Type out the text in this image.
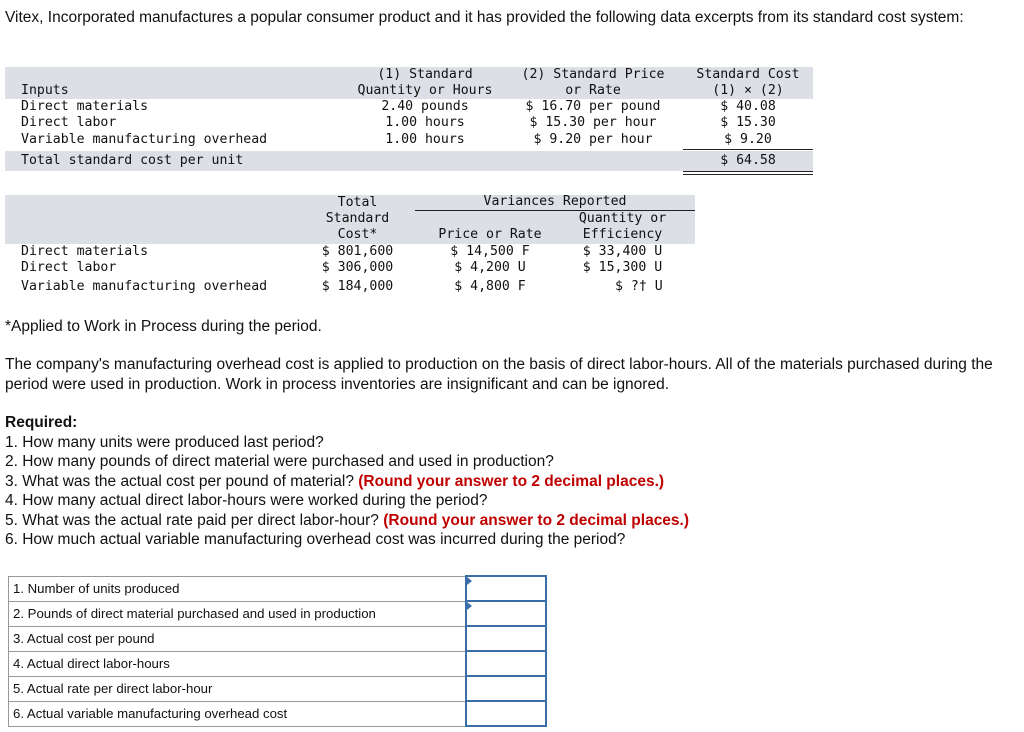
Vitex, Incorporated manufactures a popular consumer product and it has provided the following data excerpts from its standard cost system:
(1) Standard
Quantity or Hours
(2) Standard Price
or Rate
Standard Cost
(1) × (2)
Inputs
Direct materials	2.40 pounds	$ 16.70 per pound	$ 40.08
Direct labor	1.00 hours	$ 15.30 per hour	$ 15.30
Variable manufacturing overhead	1.00 hours	$ 9.20 per hour	$ 9.20
Total standard cost per unit	$ 64.58
Total
Standard
Cost*
Variances Reported
Price or Rate
Quantity or
Efficiency
Direct materials	$ 801,600	$ 14,500 F	$ 33,400 U
Direct labor	$ 306,000	$ 4,200 U	$ 15,300 U
Variable manufacturing overhead	$ 184,000	$ 4,800 F	$ ?† U
*Applied to Work in Process during the period.
The company's manufacturing overhead cost is applied to production on the basis of direct labor-hours. All of the materials purchased during the period were used in production. Work in process inventories are insignificant and can be ignored.
Required:
1. How many units were produced last period?
2. How many pounds of direct material were purchased and used in production?
3. What was the actual cost per pound of material? (Round your answer to 2 decimal places.)
4. How many actual direct labor-hours were worked during the period?
5. What was the actual rate paid per direct labor-hour? (Round your answer to 2 decimal places.)
6. How much actual variable manufacturing overhead cost was incurred during the period?
1. Number of units produced	

2. Pounds of direct material purchased and used in production	

3. Actual cost per pound	
4. Actual direct labor-hours	
5. Actual rate per direct labor-hour	
6. Actual variable manufacturing overhead cost	
